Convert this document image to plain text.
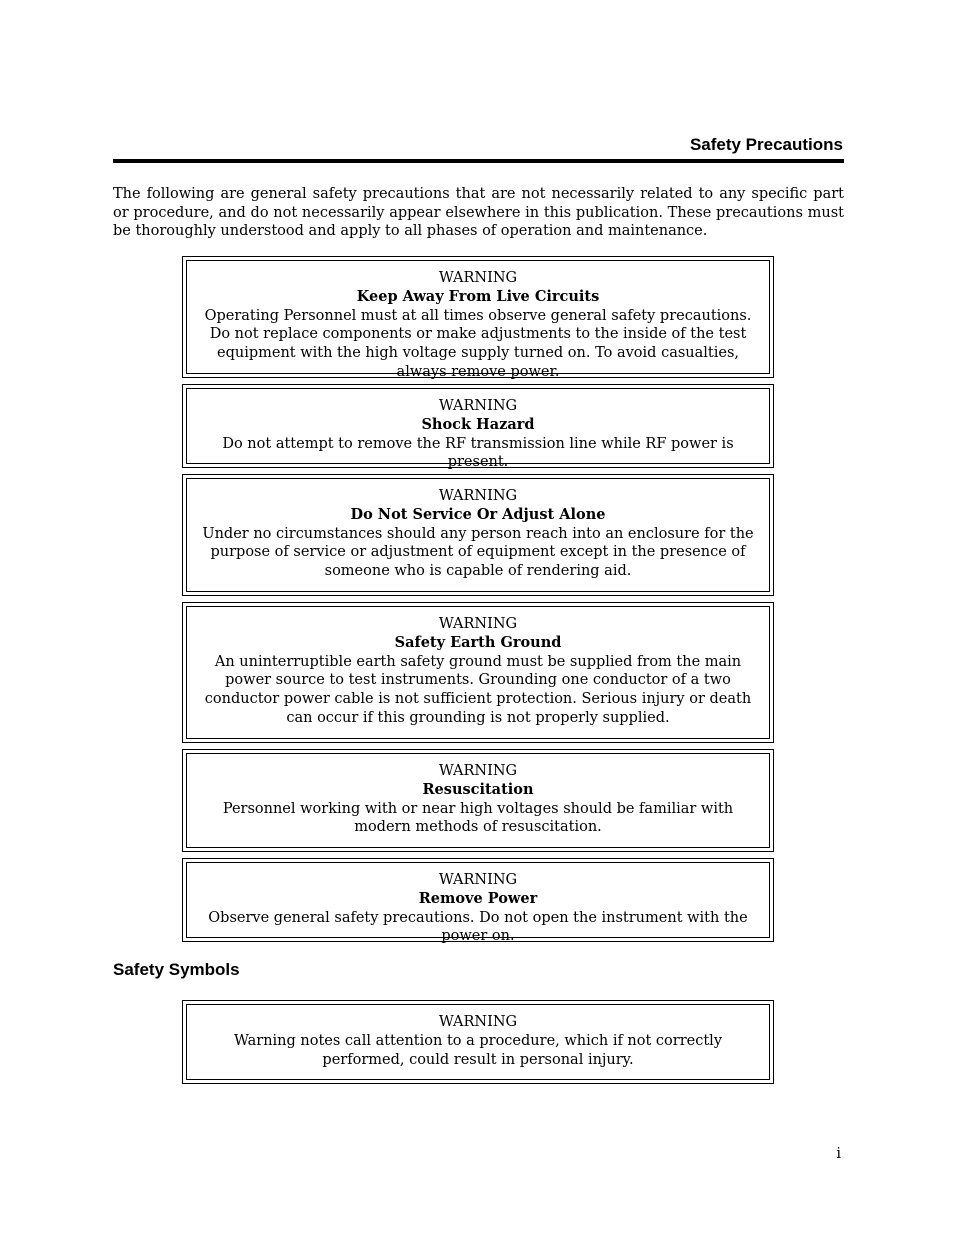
Safety Precautions

The following are general safety precautions that are not necessarily related to any specific part or procedure, and do not necessarily appear elsewhere in this publication. These precautions must be thoroughly understood and apply to all phases of operation and maintenance.

WARNING
Keep Away From Live Circuits
Operating Personnel must at all times observe general safety precautions. Do not replace components or make adjustments to the inside of the test equipment with the high voltage supply turned on. To avoid casualties, always remove power.
WARNING
Shock Hazard
Do not attempt to remove the RF transmission line while RF power is present.
WARNING
Do Not Service Or Adjust Alone
Under no circumstances should any person reach into an enclosure for the purpose of service or adjustment of equipment except in the presence of someone who is capable of rendering aid.
WARNING
Safety Earth Ground
An uninterruptible earth safety ground must be supplied from the main power source to test instruments. Grounding one conductor of a two conductor power cable is not sufficient protection. Serious injury or death can occur if this grounding is not properly supplied.
WARNING
Resuscitation
Personnel working with or near high voltages should be familiar with modern methods of resuscitation.
WARNING
Remove Power
Observe general safety precautions. Do not open the instrument with the power on.
Safety Symbols
WARNING
Warning notes call attention to a procedure, which if not correctly performed, could result in personal injury.
i
